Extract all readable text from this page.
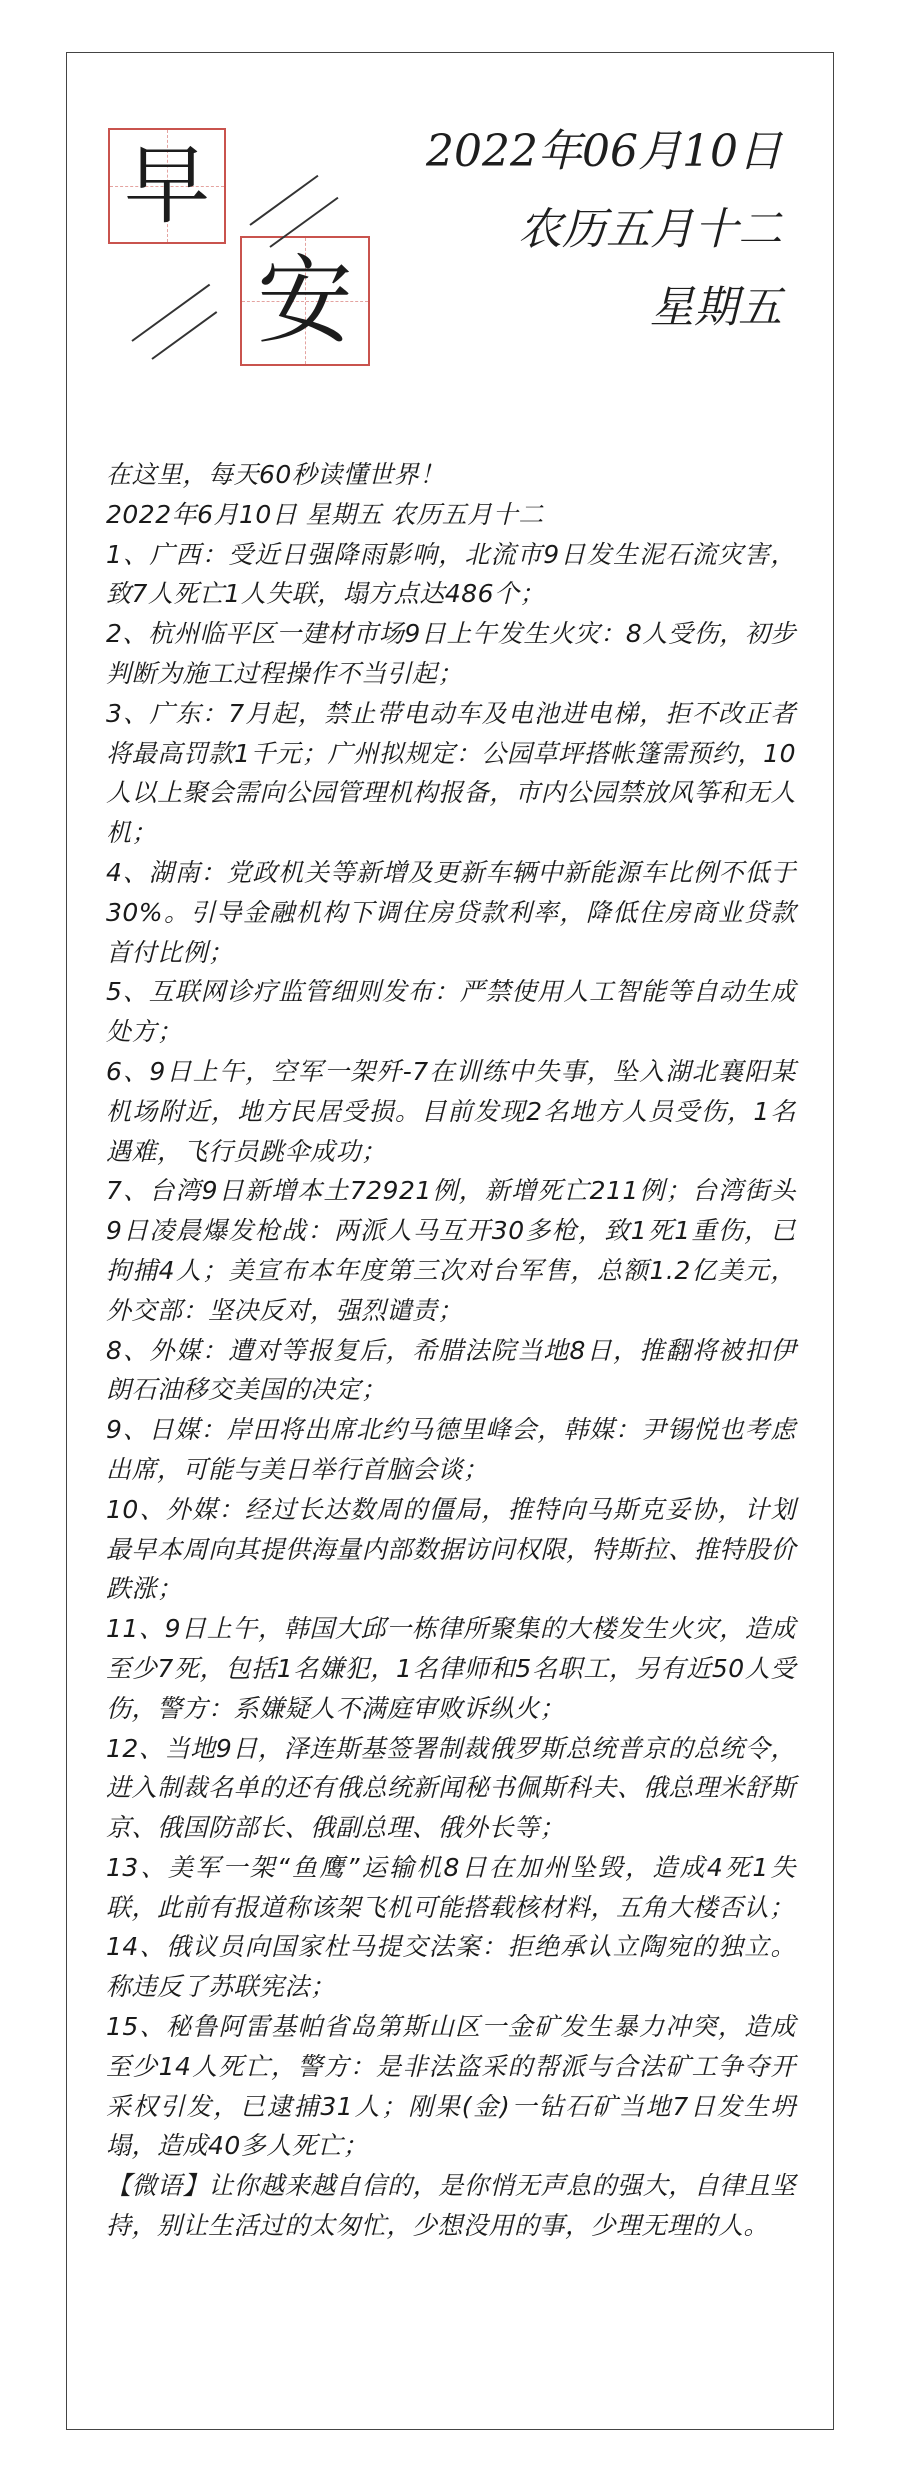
早
安
2022年06月10日
农历五月十二
星期五

在这里，每天60秒读懂世界！

2022年6月10日 星期五 农历五月十二

1、广西：受近日强降雨影响，北流市9日发生泥石流灾害，致7人死亡1人失联，塌方点达486个；

2、杭州临平区一建材市场9日上午发生火灾：8人受伤，初步判断为施工过程操作不当引起；

3、广东：7月起，禁止带电动车及电池进电梯，拒不改正者将最高罚款1千元；广州拟规定：公园草坪搭帐篷需预约，10人以上聚会需向公园管理机构报备，市内公园禁放风筝和无人机；

4、湖南：党政机关等新增及更新车辆中新能源车比例不低于30%。引导金融机构下调住房贷款利率，降低住房商业贷款首付比例；

5、互联网诊疗监管细则发布：严禁使用人工智能等自动生成处方；

6、9日上午，空军一架歼-7在训练中失事，坠入湖北襄阳某机场附近，地方民居受损。目前发现2名地方人员受伤，1名遇难，飞行员跳伞成功；

7、台湾9日新增本土72921例，新增死亡211例；台湾街头9日凌晨爆发枪战：两派人马互开30多枪，致1死1重伤，已拘捕4人；美宣布本年度第三次对台军售，总额1.2亿美元，外交部：坚决反对，强烈谴责；

8、外媒：遭对等报复后，希腊法院当地8日，推翻将被扣伊朗石油移交美国的决定；

9、日媒：岸田将出席北约马德里峰会，韩媒：尹锡悦也考虑出席，可能与美日举行首脑会谈；

10、外媒：经过长达数周的僵局，推特向马斯克妥协，计划最早本周向其提供海量内部数据访问权限，特斯拉、推特股价跌涨；

11、9日上午，韩国大邱一栋律所聚集的大楼发生火灾，造成至少7死，包括1名嫌犯，1名律师和5名职工，另有近50人受伤，警方：系嫌疑人不满庭审败诉纵火；

12、当地9日，泽连斯基签署制裁俄罗斯总统普京的总统令，进入制裁名单的还有俄总统新闻秘书佩斯科夫、俄总理米舒斯京、俄国防部长、俄副总理、俄外长等；

13、美军一架“鱼鹰”运输机8日在加州坠毁，造成4死1失联，此前有报道称该架飞机可能搭载核材料，五角大楼否认；

14、俄议员向国家杜马提交法案：拒绝承认立陶宛的独立。称违反了苏联宪法；

15、秘鲁阿雷基帕省岛第斯山区一金矿发生暴力冲突，造成至少14人死亡，警方：是非法盗采的帮派与合法矿工争夺开采权引发，已逮捕31人；刚果(金)一钻石矿当地7日发生坍塌，造成40多人死亡；

【微语】让你越来越自信的，是你悄无声息的强大，自律且坚持，别让生活过的太匆忙，少想没用的事，少理无理的人。
